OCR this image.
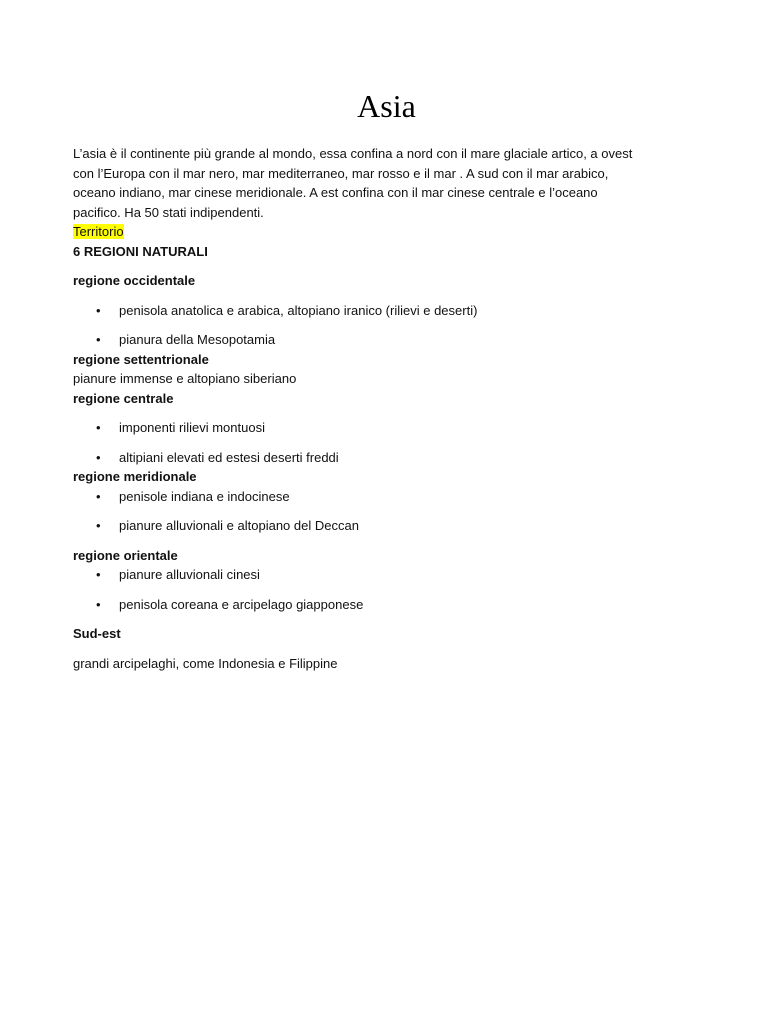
Asia

L’asia è il continente più grande al mondo, essa confina a nord con il mare glaciale artico, a ovest

con l’Europa con il mar nero, mar mediterraneo, mar rosso e il mar . A sud con il mar arabico,

oceano indiano, mar cinese meridionale. A est confina con il mar cinese centrale e l’oceano

pacifico. Ha 50 stati indipendenti.

Territorio

6 REGIONI NATURALI
regione occidentale
• penisola anatolica e arabica, altopiano iranico (rilievi e deserti)
• pianura della Mesopotamia
regione settentrionale

pianure immense e altopiano siberiano

regione centrale
• imponenti rilievi montuosi
• altipiani elevati ed estesi deserti freddi
regione meridionale
• penisole indiana e indocinese
• pianure alluvionali e altopiano del Deccan
regione orientale
• pianure alluvionali cinesi
• penisola coreana e arcipelago giapponese
Sud-est

grandi arcipelaghi, come Indonesia e Filippine
